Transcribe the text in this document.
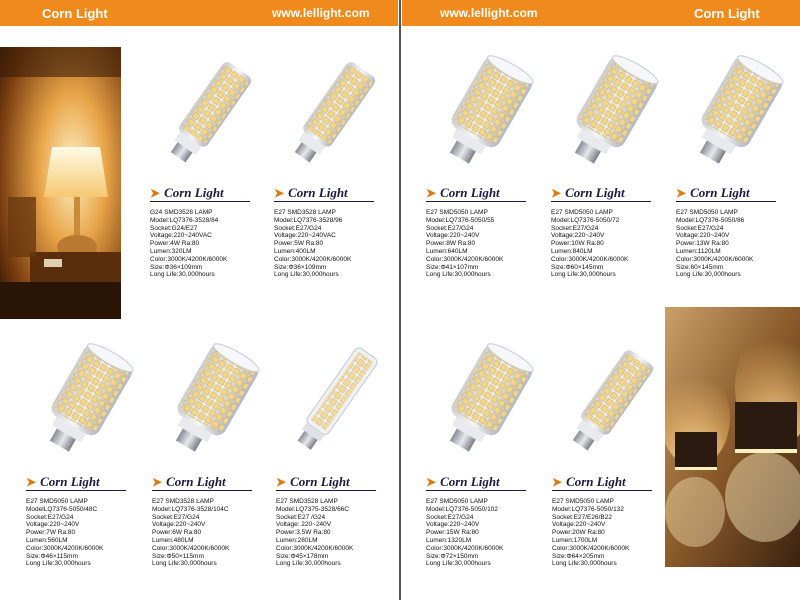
Corn Light	www.lellight.com	www.lellight.com	Corn Light
➤ Corn Light
G24 SMD3528 LAMP
Model:LQ7376-3528/84
Socket:G24/E27
Voltage:220~240VAC
Power:4W Ra:80
Lumen:320LM
Color:3000K/4200K/6000K
Size:Φ36×109mm
Long Life:30,000hours
➤ Corn Light
E27 SMD3528 LAMP
Model:LQ7376-3528/96
Socket:E27/G24
Voltage:220~240VAC
Power:5W Ra:80
Lumen:400LM
Color:3000K/4200K/6000K
Size:Φ36×109mm
Long Life:30,000hours
➤ Corn Light
E27 SMD5050 LAMP
Model:LQ7376-5050/55
Socket:E27/G24
Voltage:220~240V
Power:8W Ra:80
Lumen:640LM
Color:3000K/4200K/6000K
Size:Φ41×107mm
Long Life:30,000hours
➤ Corn Light
E27 SMD5050 LAMP
Model:LQ7376-5050/72
Socket:E27/G24
Voltage:220~240V
Power:10W Ra:80
Lumen:840LM
Color:3000K/4200K/6000K
Size:Φ60×145mm
Long Life:30,000hours
➤ Corn Light
E27 SMD5050 LAMP
Model:LQ7376-5050/86
Socket:E27/G24
Voltage:220~240V
Power:13W Ra:80
Lumen:1120LM
Color:3000K/4200K/6000K
Size:60×145mm
Long Life:30,000hours
➤ Corn Light
E27 SMD5050 LAMP
ModelLQ7376-5050/48C
Socket:E27/G24
Voltage:220~240V
Power:7W Ra:80
Lumen:560LM
Color:3000K/4200K/6000K
Size:Φ46×115mm
Long Life:30,000hours
➤ Corn Light
E27 SMD3528 LAMP
Model:LQ7376-3528/104C
Socket:E27/G24
Voltage:220~240V
Power:6W Ra:80
Lumen:480LM
Color:3000K/4200K/6000K
Size:Φ50×115mm
Long Life:30,000hours
➤ Corn Light
E27 SMD3528 LAMP
Model:LQ7375-3528/66C
Socket:E27 /G24
Voltage: 220~240V
Power:3.5W Ra:80
Lumen:280LM
Color:3000K/4200K/6000K
Size:Φ45×178mm
Long Life:30,000hours
➤ Corn Light
E27 SMD5050 LAMP
Model:LQ7376-5050/102
Socket:E27/G24
Voltage:220~240V
Power:15W Ra:80
Lumen:1320LM
Color:3000K/4200K/6000K
Size:Φ72×150mm
Long Life:30,000hours
➤ Corn Light
E27 SMD5050 LAMP
Model:LQ7376-5050/132
Socket:E27/E26/B22
Voltage:220~240V
Power:20W Ra:80
Lumen:1700LM
Color:3000K/4200K/6000K
Size:Φ64×205mm
Long Life:30,000hours
